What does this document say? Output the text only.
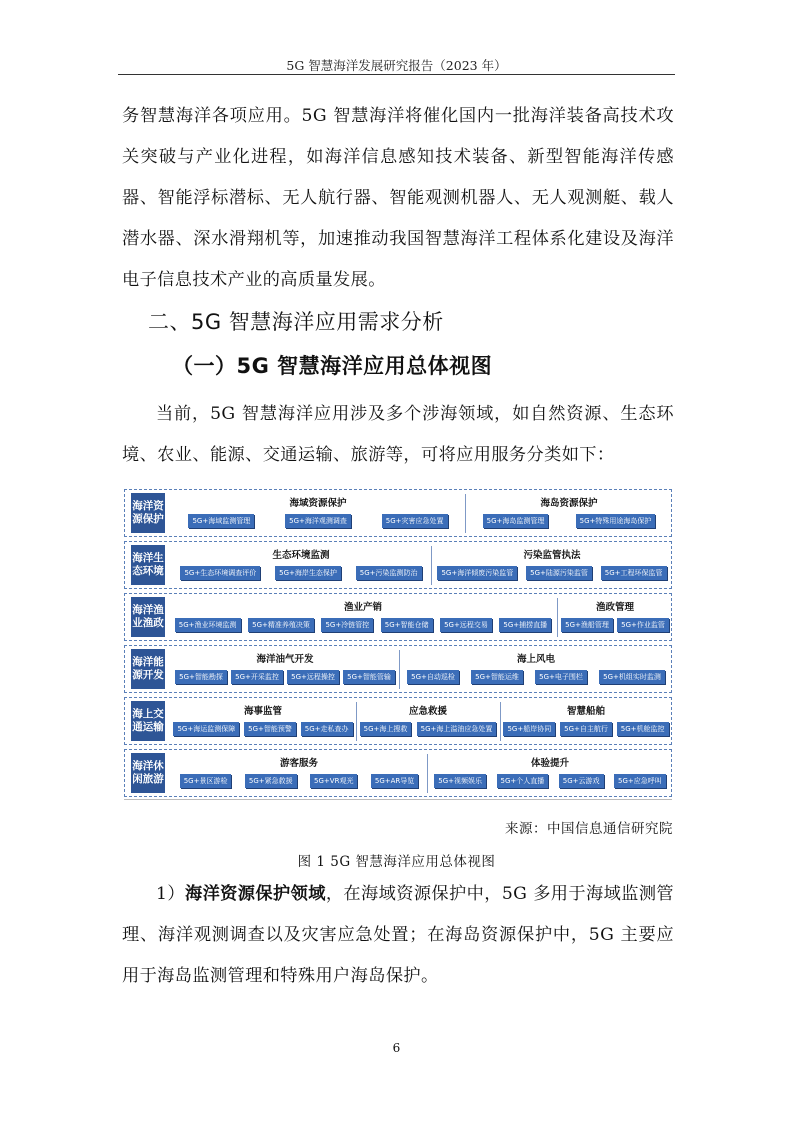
5G 智慧海洋发展研究报告（2023 年）
务智慧海洋各项应用。5G 智慧海洋将催化国内一批海洋装备高技术攻关突破与产业化进程，如海洋信息感知技术装备、新型智能海洋传感器、智能浮标潜标、无人航行器、智能观测机器人、无人观测艇、载人潜水器、深水滑翔机等，加速推动我国智慧海洋工程体系化建设及海洋电子信息技术产业的高质量发展。
二、5G 智慧海洋应用需求分析
（一）5G 智慧海洋应用总体视图
当前，5G 智慧海洋应用涉及多个涉海领域，如自然资源、生态环境、农业、能源、交通运输、旅游等，可将应用服务分类如下：
海洋资源保护
海域资源保护
5G+海域监测管理	5G+海洋观测调查	5G+灾害应急处置
海岛资源保护
5G+海岛监测管理	5G+特殊用途海岛保护
海洋生态环境
生态环境监测
5G+生态环境调查评价	5G+海岸生态保护	5G+污染监测防治
污染监管执法
5G+海洋倾废污染监管	5G+陆源污染监管	5G+工程环保监管
海洋渔业渔政
渔业产销
5G+渔业环境监测	5G+精准养殖决策	5G+冷链管控	5G+智能仓储	5G+远程交易	5G+捕捞直播
渔政管理
5G+渔船管理	5G+作业监管
海洋能源开发
海洋油气开发
5G+智能勘探	5G+开采监控	5G+远程操控	5G+智能管输
海上风电
5G+自动巡检	5G+智能运维	5G+电子围栏	5G+机组实时监测
海上交通运输
海事监管
5G+海运监测保障	5G+智能预警	5G+走私查办
应急救援
5G+海上搜救	5G+海上溢油应急处置
智慧船舶
5G+船岸协同	5G+自主航行	5G+机舱监控
海洋休闲旅游
游客服务
5G+景区游检	5G+紧急救援	5G+VR观光	5G+AR导览
体验提升
5G+视频娱乐	5G+个人直播	5G+云游戏	5G+应急呼叫
来源：中国信息通信研究院
图 1 5G 智慧海洋应用总体视图
1）海洋资源保护领域，在海域资源保护中，5G 多用于海域监测管理、海洋观测调查以及灾害应急处置；在海岛资源保护中，5G 主要应用于海岛监测管理和特殊用户海岛保护。
6
